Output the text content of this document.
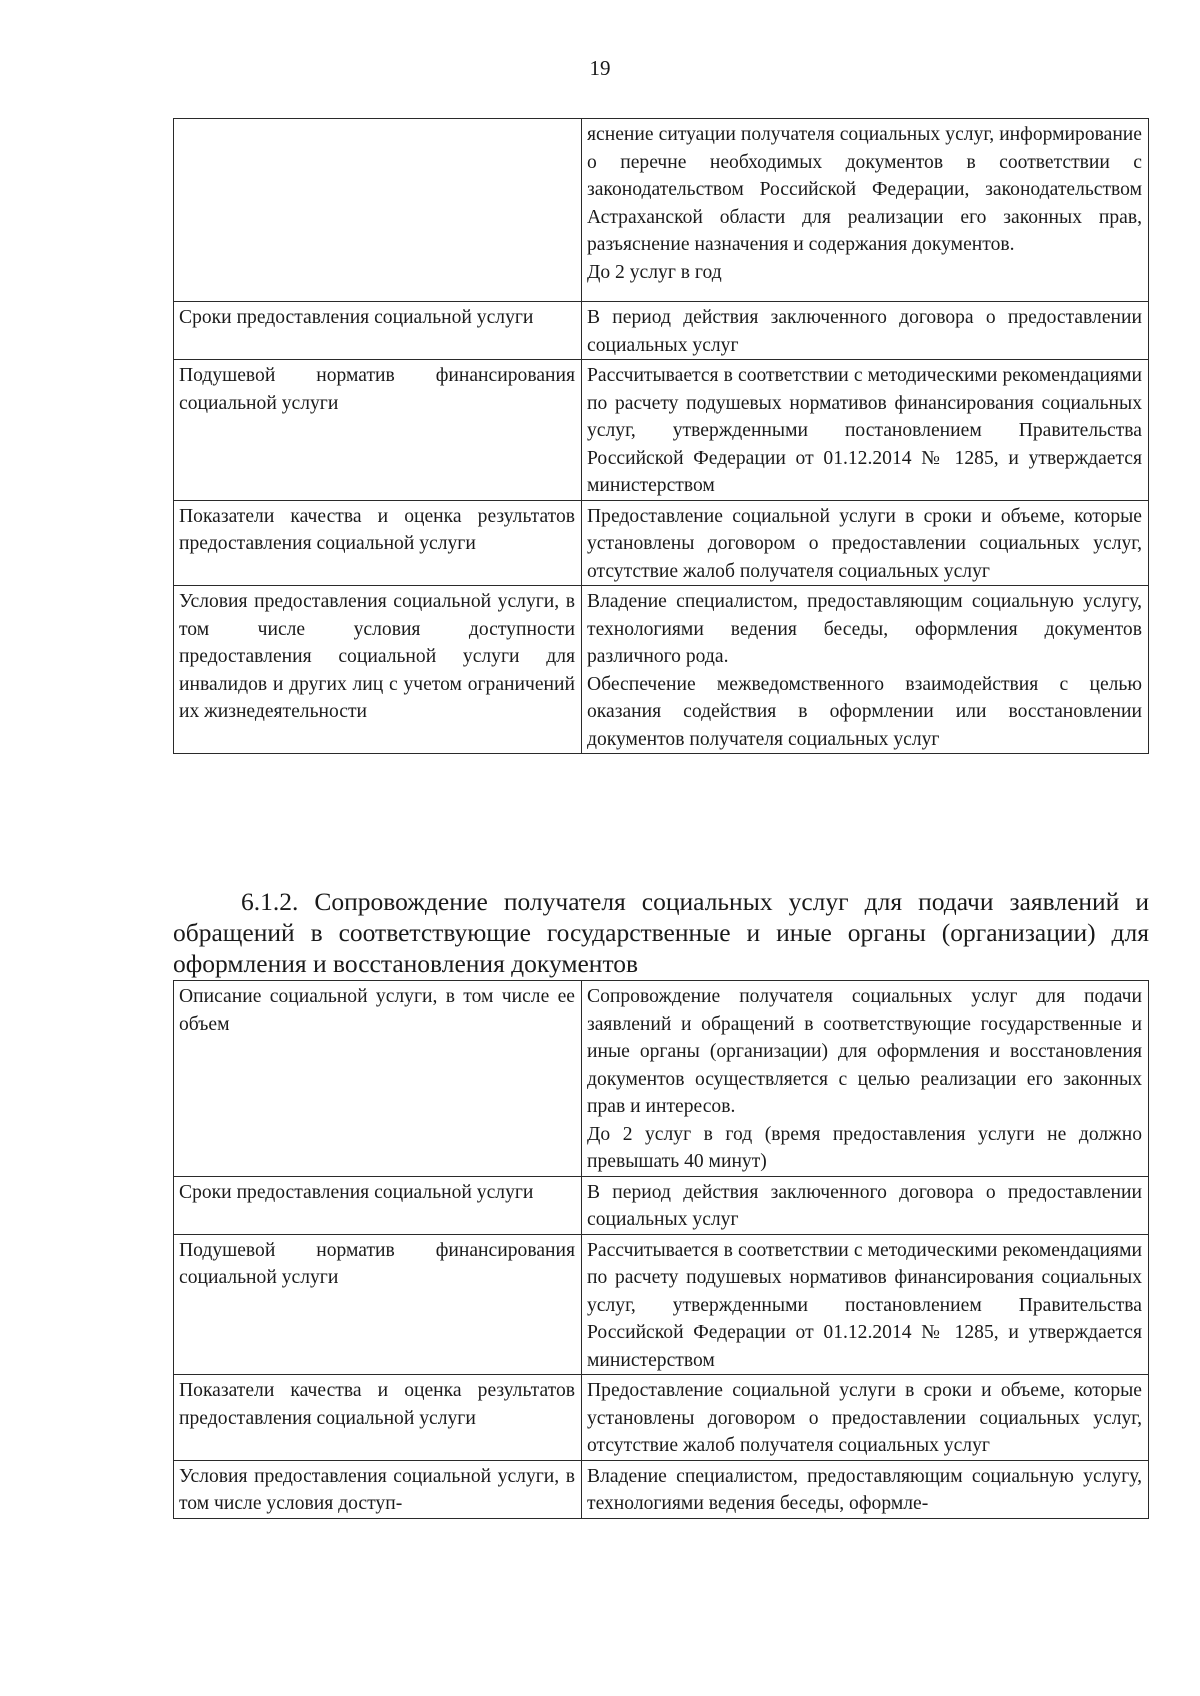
19

	яснение ситуации получателя социальных услуг, информирование о перечне необходимых документов в соответствии с законодательством Российской Федерации, законодательством Астраханской области для реализации его законных прав, разъяснение назначения и содержания документов.
До 2 услуг в год

Сроки предоставления социальной услуги	В период действия заключенного договора о предоставлении социальных услуг

Подушевой норматив финансирования социальной услуги	Рассчитывается в соответствии с методическими рекомендациями по расчету подушевых нормативов финансирования социальных услуг, утвержденными постановлением Правительства Российской Федерации от 01.12.2014 № 1285, и утверждается министерством

Показатели качества и оценка результатов предоставления социальной услуги	Предоставление социальной услуги в сроки и объеме, которые установлены договором о предоставлении социальных услуг, отсутствие жалоб получателя социальных услуг

Условия предоставления социальной услуги, в том числе условия доступности предоставления социальной услуги для инвалидов и других лиц с учетом ограничений их жизнедеятельности	Владение специалистом, предоставляющим социальную услугу, технологиями ведения беседы, оформления документов различного рода.
Обеспечение межведомственного взаимодействия с целью оказания содействия в оформлении или восстановлении документов получателя социальных услуг
6.1.2. Сопровождение получателя социальных услуг для подачи заявлений и обращений в соответствующие государственные и иные органы (организации) для оформления и восстановления документов
Описание социальной услуги, в том числе ее объем	Сопровождение получателя социальных услуг для подачи заявлений и обращений в соответствующие государственные и иные органы (организации) для оформления и восстановления документов осуществляется с целью реализации его законных прав и интересов.
До 2 услуг в год (время предоставления услуги не должно превышать 40 минут)

Сроки предоставления социальной услуги	В период действия заключенного договора о предоставлении социальных услуг

Подушевой норматив финансирования социальной услуги	Рассчитывается в соответствии с методическими рекомендациями по расчету подушевых нормативов финансирования социальных услуг, утвержденными постановлением Правительства Российской Федерации от 01.12.2014 № 1285, и утверждается министерством

Показатели качества и оценка результатов предоставления социальной услуги	Предоставление социальной услуги в сроки и объеме, которые установлены договором о предоставлении социальных услуг, отсутствие жалоб получателя социальных услуг

Условия предоставления социальной услуги, в том числе условия доступ-	Владение специалистом, предоставляющим социальную услугу, технологиями ведения беседы, оформле-
